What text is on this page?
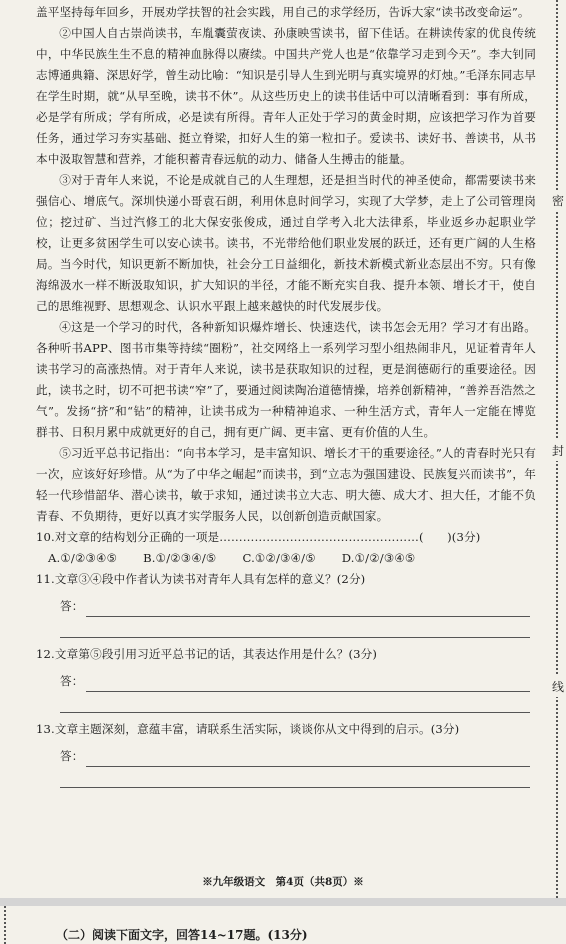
盖平坚持每年回乡，开展劝学扶智的社会实践，用自己的求学经历，告诉大家“读书改变命运”。

②中国人自古崇尚读书，车胤囊萤夜读、孙康映雪读书，留下佳话。在耕读传家的优良传统中，中华民族生生不息的精神血脉得以赓续。中国共产党人也是“依靠学习走到今天”。李大钊同志博通典籍、深思好学，曾生动比喻：“知识是引导人生到光明与真实境界的灯烛。”毛泽东同志早在学生时期，就“从早至晚，读书不休”。从这些历史上的读书佳话中可以清晰看到：事有所成，必是学有所成；学有所成，必是读有所得。青年人正处于学习的黄金时期，应该把学习作为首要任务，通过学习夯实基础、挺立脊梁，扣好人生的第一粒扣子。爱读书、读好书、善读书，从书本中汲取智慧和营养，才能积蓄青春远航的动力、储备人生搏击的能量。

③对于青年人来说，不论是成就自己的人生理想，还是担当时代的神圣使命，都需要读书来强信心、增底气。深圳快递小哥袁石朗，利用休息时间学习，实现了大学梦，走上了公司管理岗位；挖过矿、当过汽修工的北大保安张俊成，通过自学考入北大法律系，毕业返乡办起职业学校，让更多贫困学生可以安心读书。读书，不光带给他们职业发展的跃迁，还有更广阔的人生格局。当今时代，知识更新不断加快，社会分工日益细化，新技术新模式新业态层出不穷。只有像海绵汲水一样不断汲取知识，扩大知识的半径，才能不断充实自我、提升本领、增长才干，使自己的思维视野、思想观念、认识水平跟上越来越快的时代发展步伐。

④这是一个学习的时代，各种新知识爆炸增长、快速迭代，读书怎会无用？学习才有出路。各种听书APP、图书市集等持续“圈粉”，社交网络上一系列学习型小组热闹非凡，见证着青年人读书学习的高涨热情。对于青年人来说，读书是获取知识的过程，更是润德砺行的重要途径。因此，读书之时，切不可把书读“窄”了，要通过阅读陶冶道德情操，培养创新精神，“善养吾浩然之气”。发扬“挤”和“钻”的精神，让读书成为一种精神追求、一种生活方式，青年人一定能在博览群书、日积月累中成就更好的自己，拥有更广阔、更丰富、更有价值的人生。

⑤习近平总书记指出：“向书本学习，是丰富知识、增长才干的重要途径。”人的青春时光只有一次，应该好好珍惜。从“为了中华之崛起”而读书，到“立志为强国建设、民族复兴而读书”，年轻一代珍惜韶华、潜心读书，敏于求知，通过读书立大志、明大德、成大才、担大任，才能不负青春、不负期待，更好以真才实学服务人民，以创新创造贡献国家。

10.对文章的结构划分正确的一项是……………………………………………(　　)(3分)

A.①/②③④⑤ B.①/②③④/⑤ C.①②/③④/⑤ D.①/②/③④⑤

11.文章③④段中作者认为读书对青年人具有怎样的意义？(2分)

答：

12.文章第⑤段引用习近平总书记的话，其表达作用是什么？(3分)

答：

13.文章主题深刻，意蕴丰富，请联系生活实际，谈谈你从文中得到的启示。(3分)

答：
※九年级语文　第4页（共8页）※
密
封
线
（二）阅读下面文字，回答14~17题。(13分)
